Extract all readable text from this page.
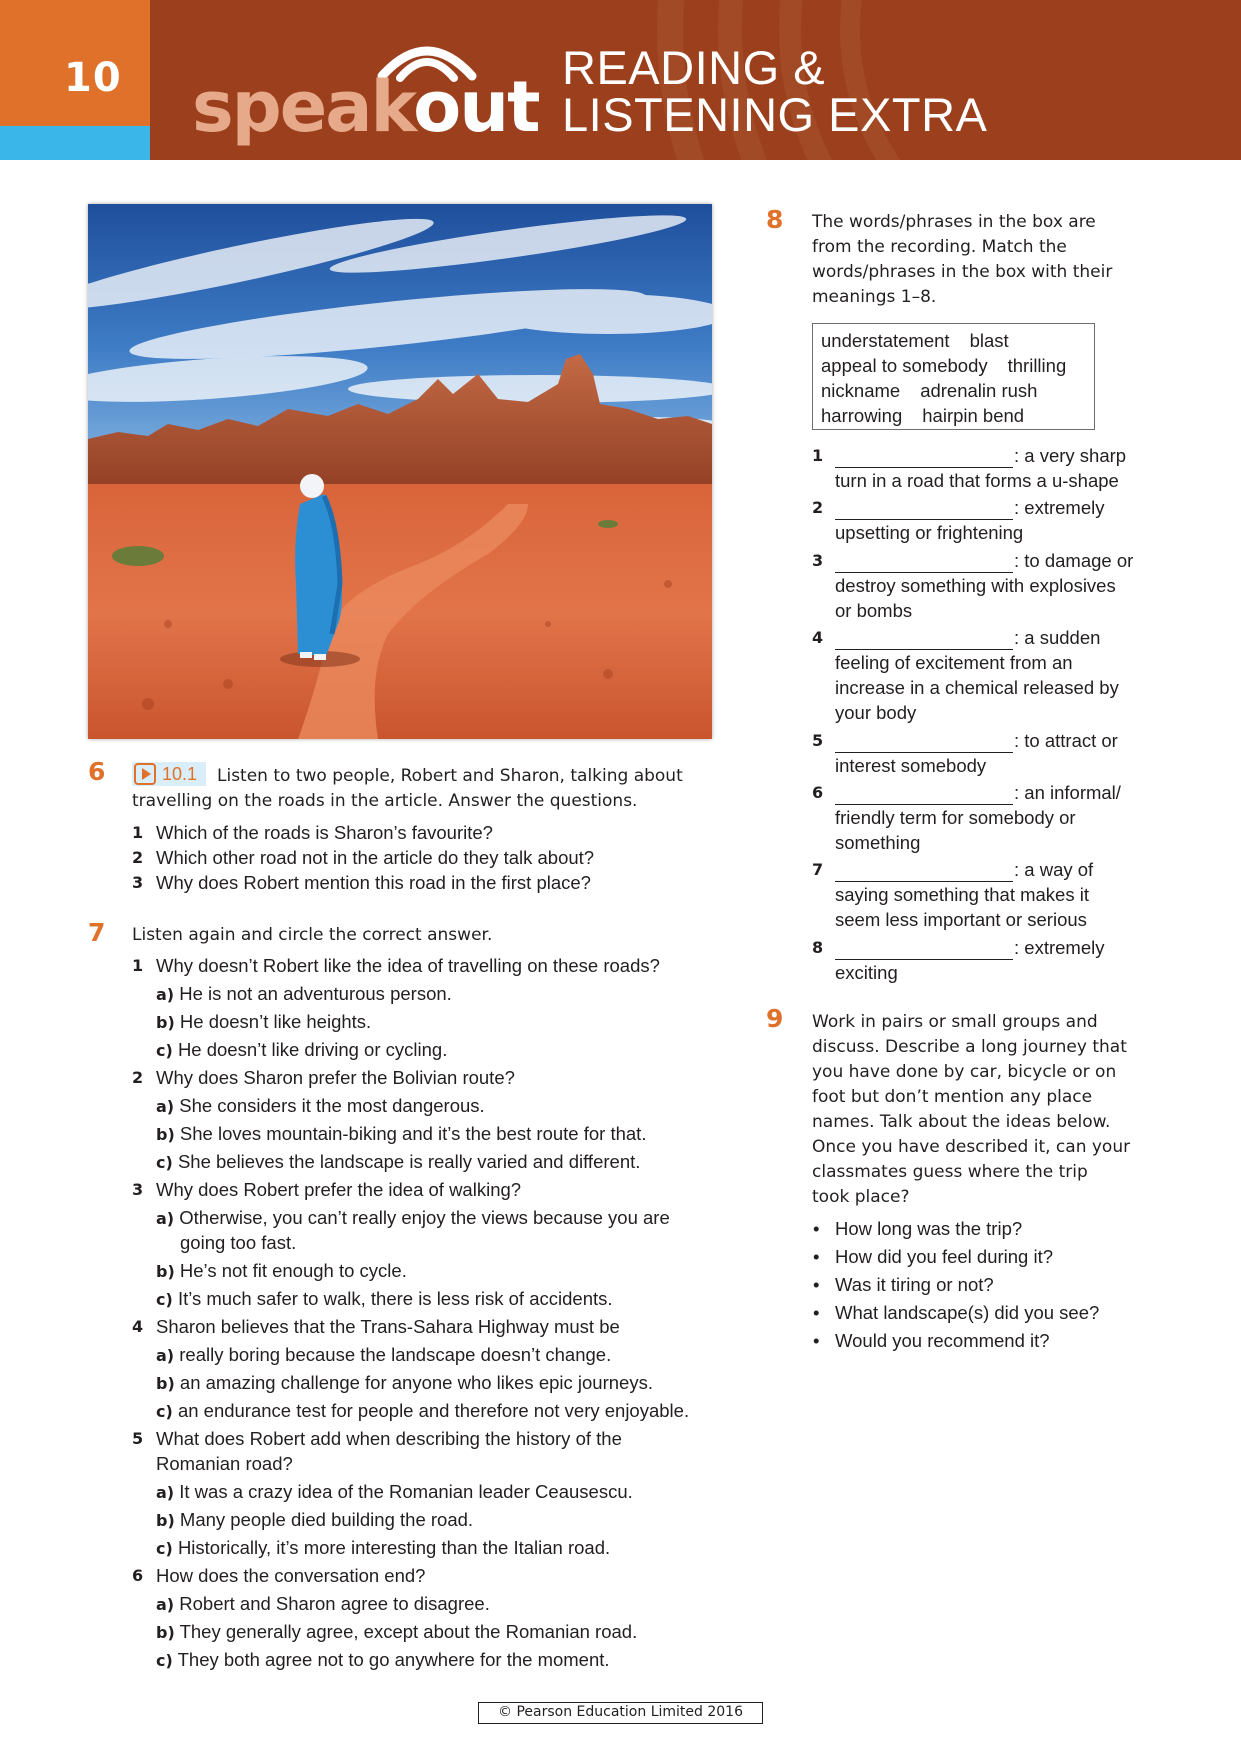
10 speakout READING &
LISTENING EXTRA
6	10.1 Listen to two people, Robert and Sharon, talking about
travelling on the roads in the article. Answer the questions.
1 Which of the roads is Sharon’s favourite?
2 Which other road not in the article do they talk about?
3 Why does Robert mention this road in the first place?
7 Listen again and circle the correct answer.
1 Why doesn’t Robert like the idea of travelling on these roads?
a) He is not an adventurous person.
b) He doesn’t like heights.
c) He doesn’t like driving or cycling.
2 Why does Sharon prefer the Bolivian route?
a) She considers it the most dangerous.
b) She loves mountain-biking and it’s the best route for that.
c) She believes the landscape is really varied and different.
3 Why does Robert prefer the idea of walking?
a) Otherwise, you can’t really enjoy the views because you are
going too fast.
b) He’s not fit enough to cycle.
c) It’s much safer to walk, there is less risk of accidents.
4 Sharon believes that the Trans-Sahara Highway must be
a) really boring because the landscape doesn’t change.
b) an amazing challenge for anyone who likes epic journeys.
c) an endurance test for people and therefore not very enjoyable.
5 What does Robert add when describing the history of the
Romanian road?
a) It was a crazy idea of the Romanian leader Ceausescu.
b) Many people died building the road.
c) Historically, it’s more interesting than the Italian road.
6 How does the conversation end?
a) Robert and Sharon agree to disagree.
b) They generally agree, except about the Romanian road.
c) They both agree not to go anywhere for the moment.
8 The words/phrases in the box are
from the recording. Match the
words/phrases in the box with their
meanings 1–8.
understatement blast
appeal to somebody thrilling
nickname adrenalin rush
harrowing hairpin bend
1	: a very sharp
turn in a road that forms a u-shape
2	: extremely
upsetting or frightening
3	: to damage or
destroy something with explosives
or bombs
4	: a sudden
feeling of excitement from an
increase in a chemical released by
your body
5	: to attract or
interest somebody
6	: an informal/
friendly term for somebody or
something
7	: a way of
saying something that makes it
seem less important or serious
8	: extremely
exciting
9 Work in pairs or small groups and
discuss. Describe a long journey that
you have done by car, bicycle or on
foot but don’t mention any place
names. Talk about the ideas below.
Once you have described it, can your
classmates guess where the trip
took place?
• How long was the trip?
• How did you feel during it?
• Was it tiring or not?
• What landscape(s) did you see?
• Would you recommend it?
© Pearson Education Limited 2016
